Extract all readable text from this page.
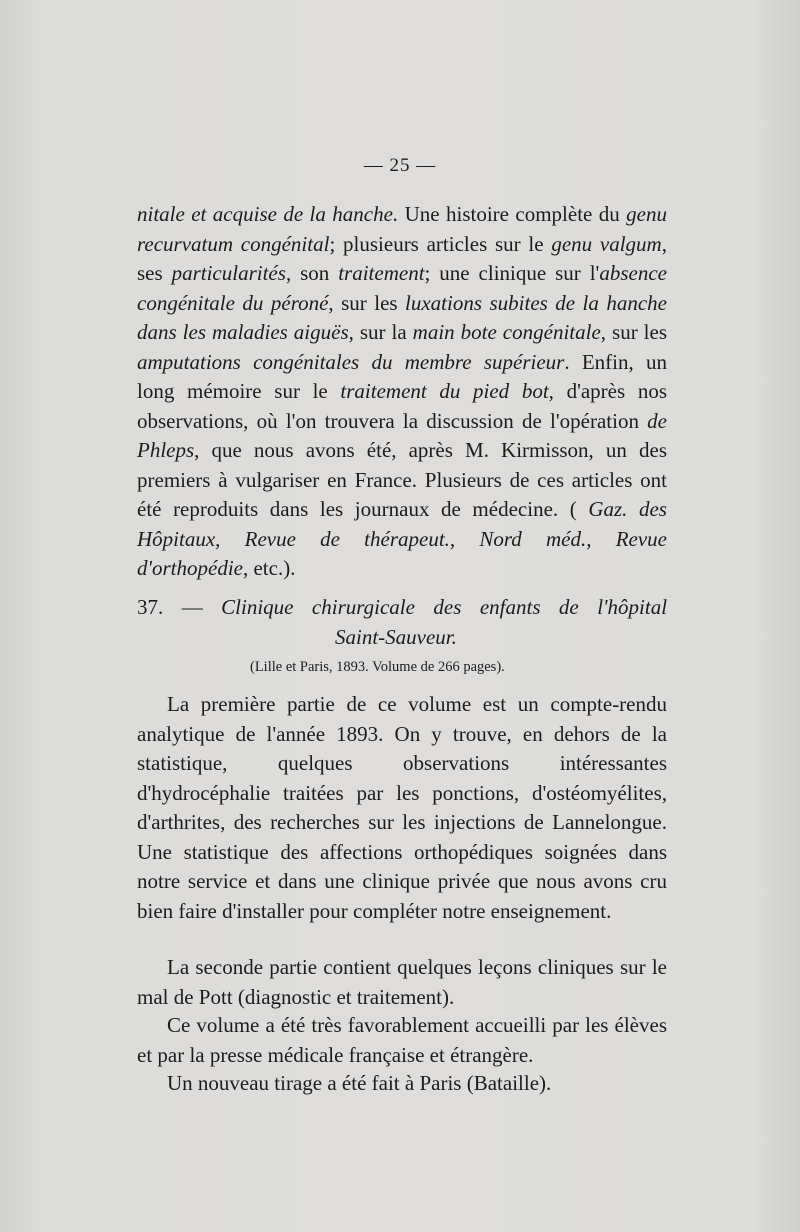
— 25 —
nitale et acquise de la hanche. Une histoire complète du genu recurvatum congénital; plusieurs articles sur le genu valgum, ses particularités, son traitement; une clinique sur l'absence congénitale du péroné, sur les luxations subites de la hanche dans les maladies aiguës, sur la main bote congénitale, sur les amputations congénitales du membre supérieur. Enfin, un long mémoire sur le traitement du pied bot, d'après nos observations, où l'on trouvera la discussion de l'opération de Phleps, que nous avons été, après M. Kirmisson, un des premiers à vulgariser en France. Plusieurs de ces articles ont été reproduits dans les journaux de médecine. ( Gaz. des Hôpitaux, Revue de thérapeut., Nord méd., Revue d'orthopédie, etc.).
37. — Clinique chirurgicale des enfants de l'hôpital
Saint-Sauveur.
(Lille et Paris, 1893. Volume de 266 pages).
La première partie de ce volume est un compte-rendu analytique de l'année 1893. On y trouve, en dehors de la statistique, quelques observations intéressantes d'hydrocéphalie traitées par les ponctions, d'ostéomyélites, d'arthrites, des recherches sur les injections de Lannelongue. Une statistique des affections orthopédiques soignées dans notre service et dans une clinique privée que nous avons cru bien faire d'installer pour compléter notre enseignement.
La seconde partie contient quelques leçons cliniques sur le mal de Pott (diagnostic et traitement).
Ce volume a été très favorablement accueilli par les élèves et par la presse médicale française et étrangère.
Un nouveau tirage a été fait à Paris (Bataille).
